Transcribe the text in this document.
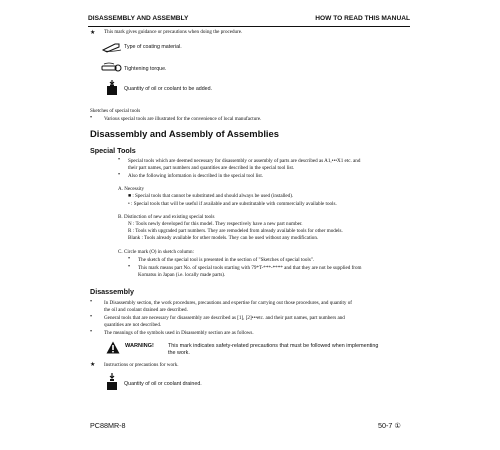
DISASSEMBLY AND ASSEMBLY	HOW TO READ THIS MANUAL
★ This mark gives guidance or precautions when doing the procedure.
Type of coating material.
Tightening torque.
Quantity of oil or coolant to be added.
Sketches of special tools
• Various special tools are illustrated for the convenience of local manufacture.
Disassembly and Assembly of Assemblies
Special Tools
• Special tools which are deemed necessary for disassembly or assembly of parts are described as A1,•••X1 etc. and
their part names, part numbers and quantities are described in the special tool list.
• Also the following information is described in the special tool list.
A. Necessity
■ : Special tools that cannot be substituted and should always be used (installed).
• : Special tools that will be useful if available and are substitutable with commercially available tools.
B. Distinction of new and existing special tools
N : Tools newly developed for this model. They respectively have a new part number.
R : Tools with upgraded part numbers. They are remodeled from already available tools for other models.
Blank : Tools already available for other models. They can be used without any modification.
C. Circle mark (O) in sketch column:
• The sketch of the special tool is presented in the section of "Sketches of special tools".
• This mark means part No. of special tools starting with 79*T-***-**** and that they are not be supplied from
Komatsu in Japan (i.e. locally made parts).
Disassembly
• In Disassembly section, the work procedures, precautions and expertise for carrying out those procedures, and quantity of
the oil and coolant drained are described.
• General tools that are necessary for disassembly are described as [1], [2]•••etc. and their part names, part numbers and
quantities are not described.
• The meanings of the symbols used in Disassembly section are as follows.
WARNING!	This mark indicates safety-related precautions that must be followed when implementing
the work.
★ Instructions or precautions for work.
Quantity of oil or coolant drained.
PC88MR-8	50-7 ①
